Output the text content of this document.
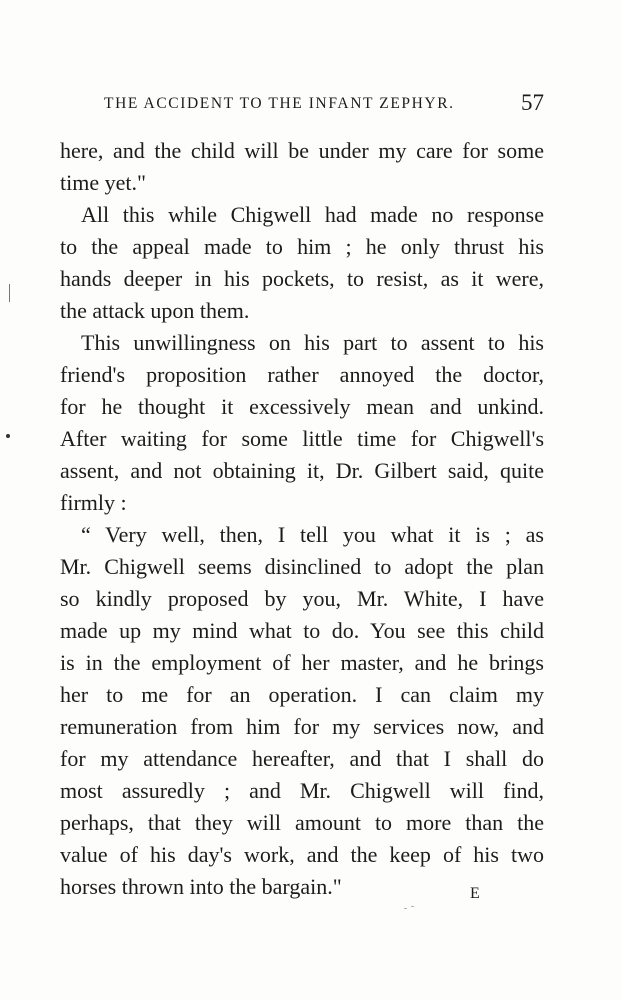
THE ACCIDENT TO THE INFANT ZEPHYR.	57
here, and the child will be under my care for some
time yet."
All this while Chigwell had made no response
to the appeal made to him ; he only thrust his
hands deeper in his pockets, to resist, as it were,
the attack upon them.
This unwillingness on his part to assent to his
friend's proposition rather annoyed the doctor,
for he thought it excessively mean and unkind.
After waiting for some little time for Chigwell's
assent, and not obtaining it, Dr. Gilbert said, quite
firmly :
“ Very well, then, I tell you what it is ; as
Mr. Chigwell seems disinclined to adopt the plan
so kindly proposed by you, Mr. White, I have
made up my mind what to do. You see this child
is in the employment of her master, and he brings
her to me for an operation. I can claim my
remuneration from him for my services now, and
for my attendance hereafter, and that I shall do
most assuredly ; and Mr. Chigwell will find,
perhaps, that they will amount to more than the
value of his day's work, and the keep of his two
horses thrown into the bargain."	E
